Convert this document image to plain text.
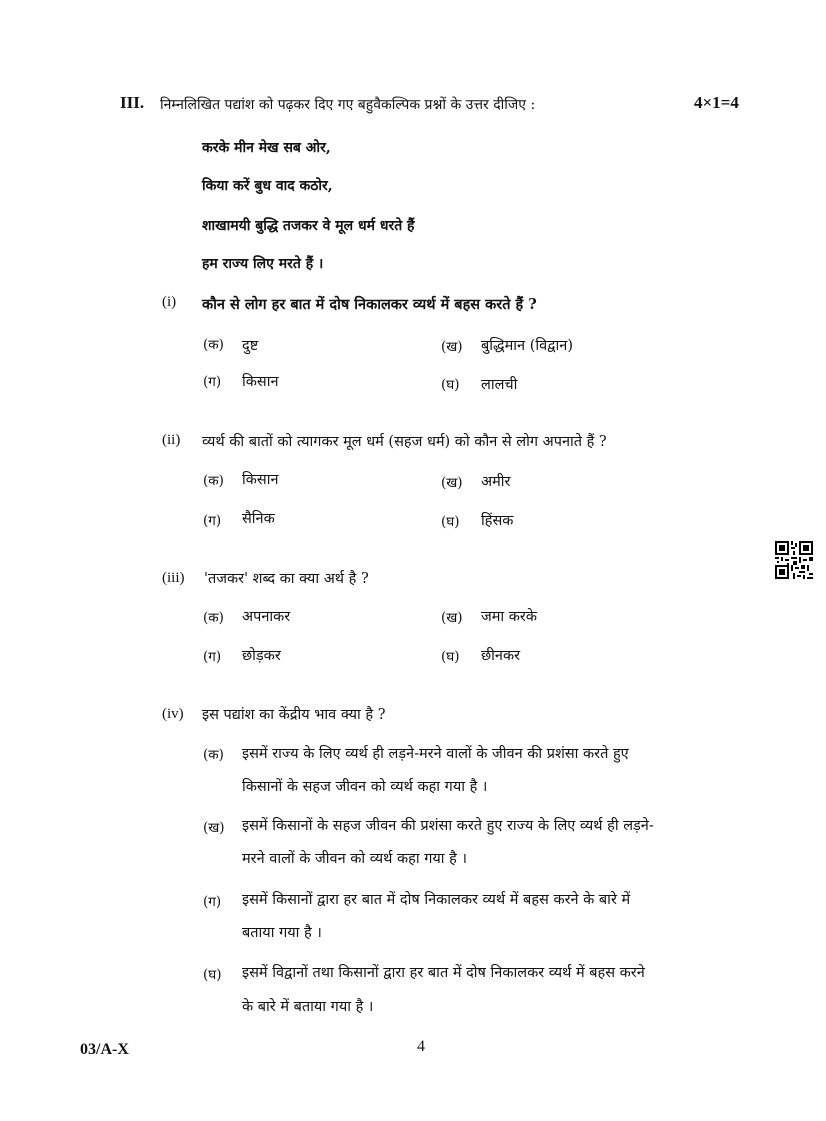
III. निम्नलिखित पद्यांश को पढ़कर दिए गए बहुवैकल्पिक प्रश्नों के उत्तर दीजिए :	4×1=4
करके मीन मेख सब ओर,
किया करें बुध वाद कठोर,
शाखामयी बुद्धि तजकर वे मूल धर्म धरते हैं
हम राज्य लिए मरते हैं ।
(i) कौन से लोग हर बात में दोष निकालकर व्यर्थ में बहस करते हैं ?
(क) दुष्ट	(ख) बुद्धिमान (विद्वान)
(ग) किसान	(घ) लालची
(ii) व्यर्थ की बातों को त्यागकर मूल धर्म (सहज धर्म) को कौन से लोग अपनाते हैं ?
(क) किसान	(ख) अमीर
(ग) सैनिक	(घ) हिंसक
(iii) 'तजकर' शब्द का क्या अर्थ है ?
(क) अपनाकर	(ख) जमा करके
(ग) छोड़कर	(घ) छीनकर
(iv) इस पद्यांश का केंद्रीय भाव क्या है ?
(क) इसमें राज्य के लिए व्यर्थ ही लड़ने-मरने वालों के जीवन की प्रशंसा करते हुए
किसानों के सहज जीवन को व्यर्थ कहा गया है ।
(ख) इसमें किसानों के सहज जीवन की प्रशंसा करते हुए राज्य के लिए व्यर्थ ही लड़ने-
मरने वालों के जीवन को व्यर्थ कहा गया है ।
(ग) इसमें किसानों द्वारा हर बात में दोष निकालकर व्यर्थ में बहस करने के बारे में
बताया गया है ।
(घ) इसमें विद्वानों तथा किसानों द्वारा हर बात में दोष निकालकर व्यर्थ में बहस करने
के बारे में बताया गया है ।
03/A-X	4
